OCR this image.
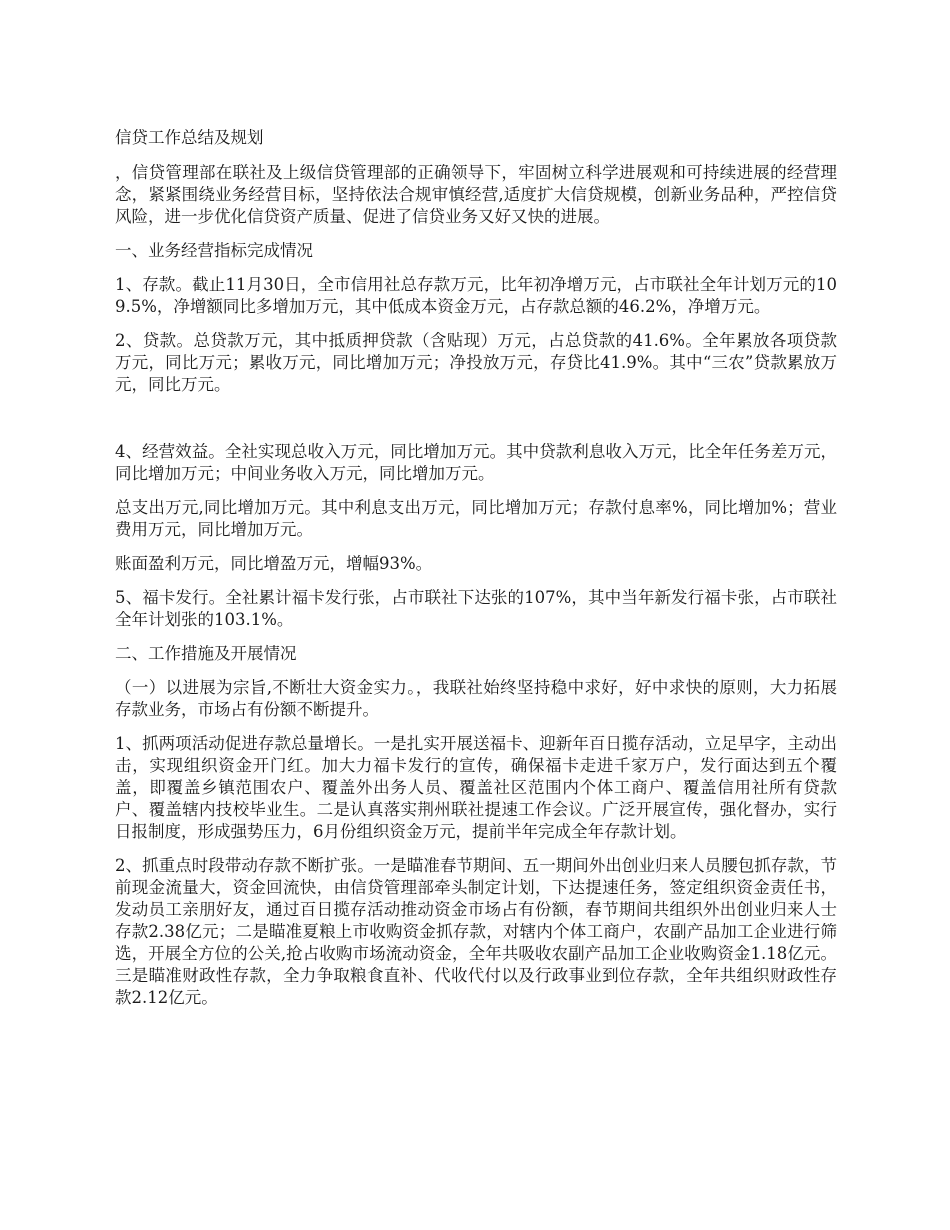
信贷工作总结及规划

，信贷管理部在联社及上级信贷管理部的正确领导下，牢固树立科学进展观和可持续进展的经营理念，紧紧围绕业务经营目标，坚持依法合规审慎经营,适度扩大信贷规模，创新业务品种，严控信贷风险，进一步优化信贷资产质量、促进了信贷业务又好又快的进展。

一、业务经营指标完成情况

1、存款。截止11月30日，全市信用社总存款万元，比年初净增万元，占市联社全年计划万元的109.5%，净增额同比多增加万元，其中低成本资金万元，占存款总额的46.2%，净增万元。

2、贷款。总贷款万元，其中抵质押贷款（含贴现）万元，占总贷款的41.6%。全年累放各项贷款万元，同比万元；累收万元，同比增加万元；净投放万元，存贷比41.9%。其中“三农”贷款累放万元，同比万元。

4、经营效益。全社实现总收入万元，同比增加万元。其中贷款利息收入万元，比全年任务差万元，同比增加万元；中间业务收入万元，同比增加万元。

总支出万元,同比增加万元。其中利息支出万元，同比增加万元；存款付息率%，同比增加%；营业费用万元，同比增加万元。

账面盈利万元，同比增盈万元，增幅93%。

5、福卡发行。全社累计福卡发行张，占市联社下达张的107%，其中当年新发行福卡张，占市联社全年计划张的103.1%。

二、工作措施及开展情况

（一）以进展为宗旨,不断壮大资金实力。，我联社始终坚持稳中求好，好中求快的原则，大力拓展存款业务，市场占有份额不断提升。

1、抓两项活动促进存款总量增长。一是扎实开展送福卡、迎新年百日揽存活动，立足早字，主动出击，实现组织资金开门红。加大力福卡发行的宣传，确保福卡走进千家万户，发行面达到五个覆盖，即覆盖乡镇范围农户、覆盖外出务人员、覆盖社区范围内个体工商户、覆盖信用社所有贷款户、覆盖辖内技校毕业生。二是认真落实荆州联社提速工作会议。广泛开展宣传，强化督办，实行日报制度，形成强势压力，6月份组织资金万元，提前半年完成全年存款计划。

2、抓重点时段带动存款不断扩张。一是瞄准春节期间、五一期间外出创业归来人员腰包抓存款，节前现金流量大，资金回流快，由信贷管理部牵头制定计划，下达提速任务，签定组织资金责任书，发动员工亲朋好友，通过百日揽存活动推动资金市场占有份额，春节期间共组织外出创业归来人士存款2.38亿元；二是瞄准夏粮上市收购资金抓存款，对辖内个体工商户，农副产品加工企业进行筛选，开展全方位的公关,抢占收购市场流动资金，全年共吸收农副产品加工企业收购资金1.18亿元。三是瞄准财政性存款，全力争取粮食直补、代收代付以及行政事业到位存款，全年共组织财政性存款2.12亿元。
